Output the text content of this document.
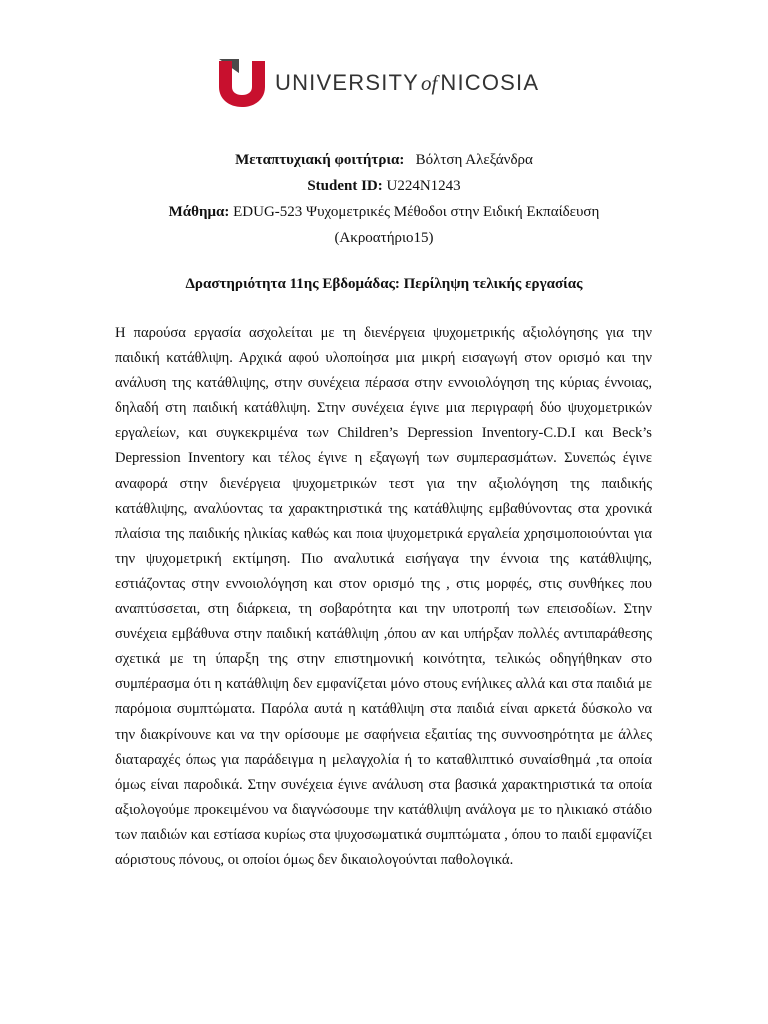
UNIVERSITY of NICOSIA
Μεταπτυχιακή φοιτήτρια: Βόλτση Αλεξάνδρα
Student ID: U224N1243
Μάθημα: EDUG-523 Ψυχομετρικές Μέθοδοι στην Ειδική Εκπαίδευση
(Ακροατήριο15)
Δραστηριότητα 11ης Εβδομάδας: Περίληψη τελικής εργασίας

Η παρούσα εργασία ασχολείται με τη διενέργεια ψυχομετρικής αξιολόγησης για την παιδική κατάθλιψη. Αρχικά αφού υλοποίησα μια μικρή εισαγωγή στον ορισμό και την ανάλυση της κατάθλιψης, στην συνέχεια πέρασα στην εννοιολόγηση της κύριας έννοιας, δηλαδή στη παιδική κατάθλιψη. Στην συνέχεια έγινε μια περιγραφή δύο ψυχομετρικών εργαλείων, και συγκεκριμένα των Children’s Depression Inventory-C.D.I και Beck’s Depression Inventory και τέλος έγινε η εξαγωγή των συμπερασμάτων. Συνεπώς έγινε αναφορά στην διενέργεια ψυχομετρικών τεστ για την αξιολόγηση της παιδικής κατάθλιψης, αναλύοντας τα χαρακτηριστικά της κατάθλιψης εμβαθύνοντας στα χρονικά πλαίσια της παιδικής ηλικίας καθώς και ποια ψυχομετρικά εργαλεία χρησιμοποιούνται για την ψυχομετρική εκτίμηση. Πιο αναλυτικά εισήγαγα την έννοια της κατάθλιψης, εστιάζοντας στην εννοιολόγηση και στον ορισμό της , στις μορφές, στις συνθήκες που αναπτύσσεται, στη διάρκεια, τη σοβαρότητα και την υποτροπή των επεισοδίων. Στην συνέχεια εμβάθυνα στην παιδική κατάθλιψη ,όπου αν και υπήρξαν πολλές αντιπαράθεσης σχετικά με τη ύπαρξη της στην επιστημονική κοινότητα, τελικώς οδηγήθηκαν στο συμπέρασμα ότι η κατάθλιψη δεν εμφανίζεται μόνο στους ενήλικες αλλά και στα παιδιά με παρόμοια συμπτώματα. Παρόλα αυτά η κατάθλιψη στα παιδιά είναι αρκετά δύσκολο να την διακρίνουνε και να την ορίσουμε με σαφήνεια εξαιτίας της συννοσηρότητα με άλλες διαταραχές όπως για παράδειγμα η μελαγχολία ή το καταθλιπτικό συναίσθημά ,τα οποία όμως είναι παροδικά. Στην συνέχεια έγινε ανάλυση στα βασικά χαρακτηριστικά τα οποία αξιολογούμε προκειμένου να διαγνώσουμε την κατάθλιψη ανάλογα με το ηλικιακό στάδιο των παιδιών και εστίασα κυρίως στα ψυχοσωματικά συμπτώματα , όπου το παιδί εμφανίζει αόριστους πόνους, οι οποίοι όμως δεν δικαιολογούνται παθολογικά.
